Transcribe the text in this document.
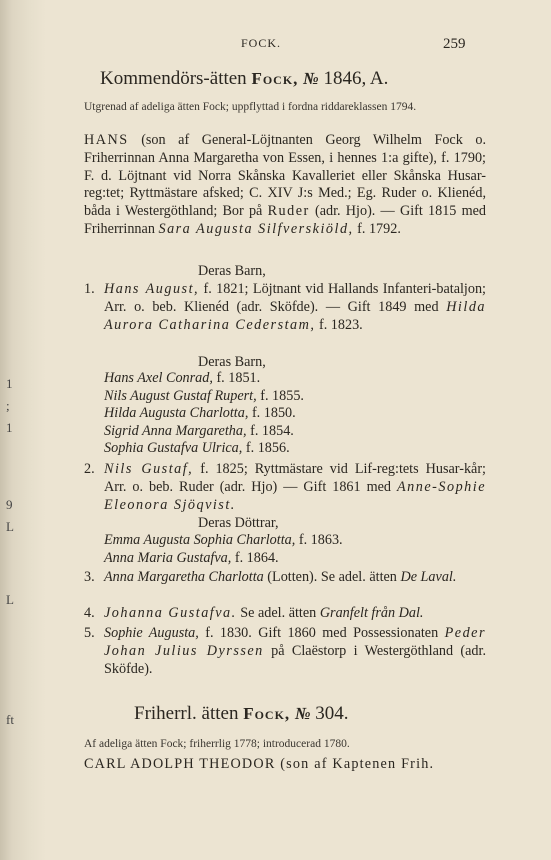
1
;
1
9
L
L
ft
FOCK.	259
Kommendörs-ätten Fock, № 1846, A.
Utgrenad af adeliga ätten Fock; uppflyttad i fordna riddareklassen 1794.
HANS (son af General-Löjtnanten Georg Wilhelm Fock o. Friherrinnan Anna Margaretha von Essen, i hennes 1:a gifte), f. 1790; F. d. Löjtnant vid Norra Skånska Kavalleriet eller Skånska Husar-reg:tet; Ryttmästare afsked; C. XIV J:s Med.; Eg. Ruder o. Klienéd, båda i Westergöthland; Bor på Ruder (adr. Hjo). — Gift 1815 med Friherrinnan Sara Augusta Silfverskiöld, f. 1792.
Deras Barn,
1. Hans August, f. 1821; Löjtnant vid Hallands Infanteri-bataljon; Arr. o. beb. Klienéd (adr. Sköfde). — Gift 1849 med Hilda Aurora Catharina Cederstam, f. 1823.
Deras Barn,
Hans Axel Conrad, f. 1851.
Nils August Gustaf Rupert, f. 1855.
Hilda Augusta Charlotta, f. 1850.
Sigrid Anna Margaretha, f. 1854.
Sophia Gustafva Ulrica, f. 1856.
2. Nils Gustaf, f. 1825; Ryttmästare vid Lif-reg:tets Husar-kår; Arr. o. beb. Ruder (adr. Hjo) — Gift 1861 med Anne-Sophie Eleonora Sjöqvist.
Deras Döttrar,
Emma Augusta Sophia Charlotta, f. 1863.
Anna Maria Gustafva, f. 1864.
3. Anna Margaretha Charlotta (Lotten). Se adel. ätten De Laval.
4. Johanna Gustafva. Se adel. ätten Granfelt från Dal.
5. Sophie Augusta, f. 1830. Gift 1860 med Possessionaten Peder Johan Julius Dyrssen på Claëstorp i Westergöthland (adr. Sköfde).
Friherrl. ätten Fock, № 304.
Af adeliga ätten Fock; friherrlig 1778; introducerad 1780.
CARL ADOLPH THEODOR (son af Kaptenen Frih.
